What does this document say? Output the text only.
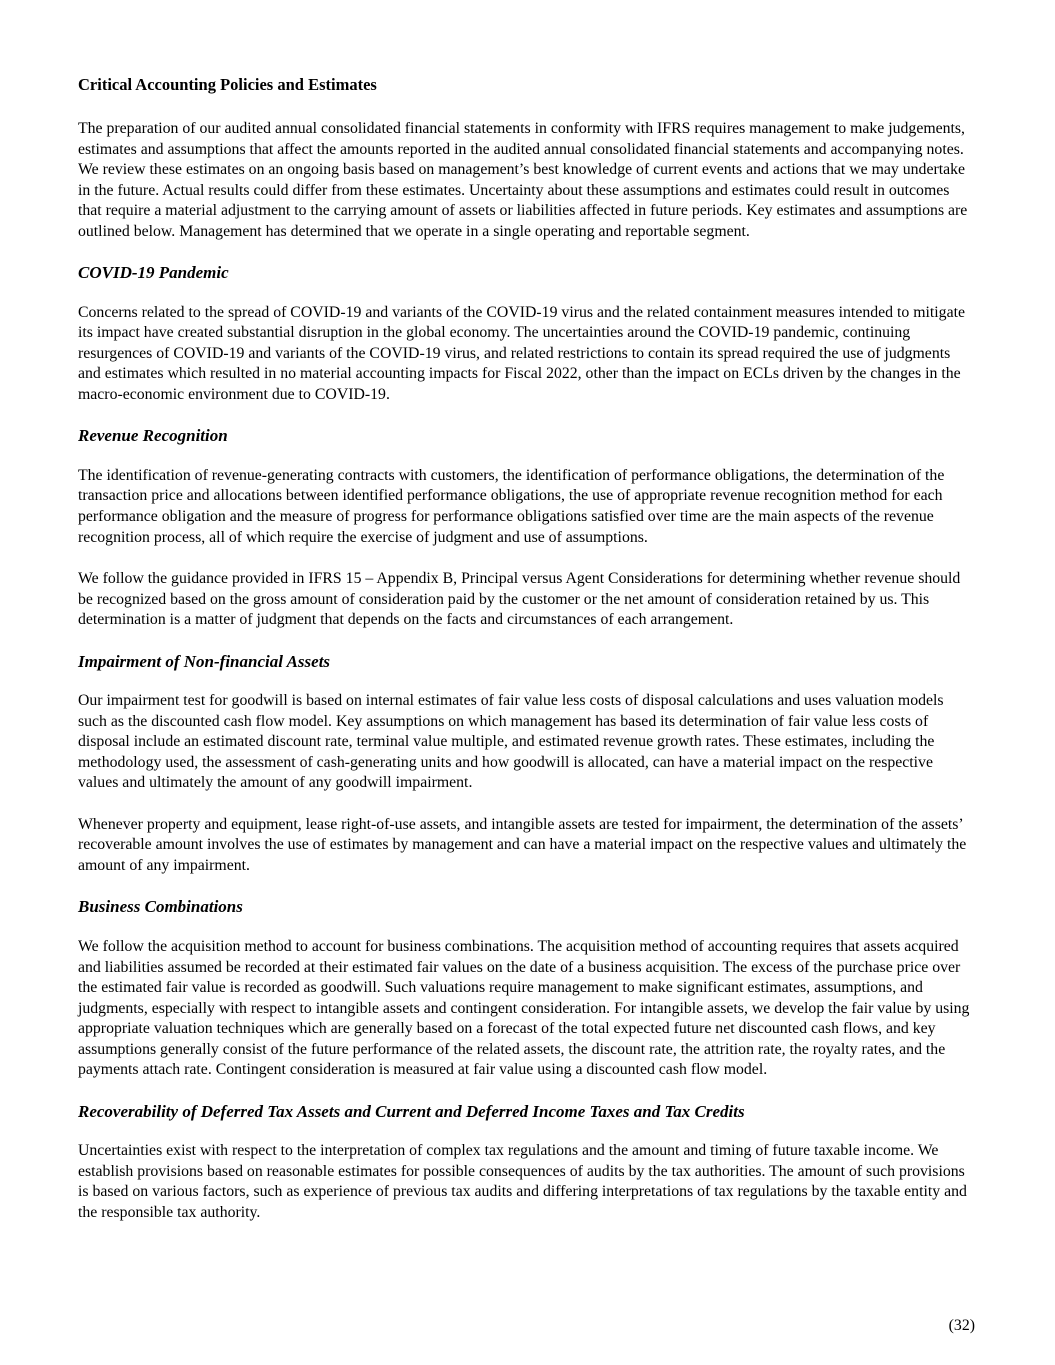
Critical Accounting Policies and Estimates

The preparation of our audited annual consolidated financial statements in conformity with IFRS requires management to make judgements, estimates and assumptions that affect the amounts reported in the audited annual consolidated financial statements and accompanying notes. We review these estimates on an ongoing basis based on management’s best knowledge of current events and actions that we may undertake in the future. Actual results could differ from these estimates. Uncertainty about these assumptions and estimates could result in outcomes that require a material adjustment to the carrying amount of assets or liabilities affected in future periods. Key estimates and assumptions are outlined below. Management has determined that we operate in a single operating and reportable segment.

COVID-19 Pandemic

Concerns related to the spread of COVID-19 and variants of the COVID-19 virus and the related containment measures intended to mitigate its impact have created substantial disruption in the global economy. The uncertainties around the COVID-19 pandemic, continuing resurgences of COVID-19 and variants of the COVID-19 virus, and related restrictions to contain its spread required the use of judgments and estimates which resulted in no material accounting impacts for Fiscal 2022, other than the impact on ECLs driven by the changes in the macro-economic environment due to COVID-19.

Revenue Recognition

The identification of revenue-generating contracts with customers, the identification of performance obligations, the determination of the transaction price and allocations between identified performance obligations, the use of appropriate revenue recognition method for each performance obligation and the measure of progress for performance obligations satisfied over time are the main aspects of the revenue recognition process, all of which require the exercise of judgment and use of assumptions.

We follow the guidance provided in IFRS 15 – Appendix B, Principal versus Agent Considerations for determining whether revenue should be recognized based on the gross amount of consideration paid by the customer or the net amount of consideration retained by us. This determination is a matter of judgment that depends on the facts and circumstances of each arrangement.

Impairment of Non-financial Assets

Our impairment test for goodwill is based on internal estimates of fair value less costs of disposal calculations and uses valuation models such as the discounted cash flow model. Key assumptions on which management has based its determination of fair value less costs of disposal include an estimated discount rate, terminal value multiple, and estimated revenue growth rates. These estimates, including the methodology used, the assessment of cash-generating units and how goodwill is allocated, can have a material impact on the respective values and ultimately the amount of any goodwill impairment.

Whenever property and equipment, lease right-of-use assets, and intangible assets are tested for impairment, the determination of the assets’ recoverable amount involves the use of estimates by management and can have a material impact on the respective values and ultimately the amount of any impairment.

Business Combinations

We follow the acquisition method to account for business combinations. The acquisition method of accounting requires that assets acquired and liabilities assumed be recorded at their estimated fair values on the date of a business acquisition. The excess of the purchase price over the estimated fair value is recorded as goodwill. Such valuations require management to make significant estimates, assumptions, and judgments, especially with respect to intangible assets and contingent consideration. For intangible assets, we develop the fair value by using appropriate valuation techniques which are generally based on a forecast of the total expected future net discounted cash flows, and key assumptions generally consist of the future performance of the related assets, the discount rate, the attrition rate, the royalty rates, and the payments attach rate. Contingent consideration is measured at fair value using a discounted cash flow model.

Recoverability of Deferred Tax Assets and Current and Deferred Income Taxes and Tax Credits

Uncertainties exist with respect to the interpretation of complex tax regulations and the amount and timing of future taxable income. We establish provisions based on reasonable estimates for possible consequences of audits by the tax authorities. The amount of such provisions is based on various factors, such as experience of previous tax audits and differing interpretations of tax regulations by the taxable entity and the responsible tax authority.

(32)
